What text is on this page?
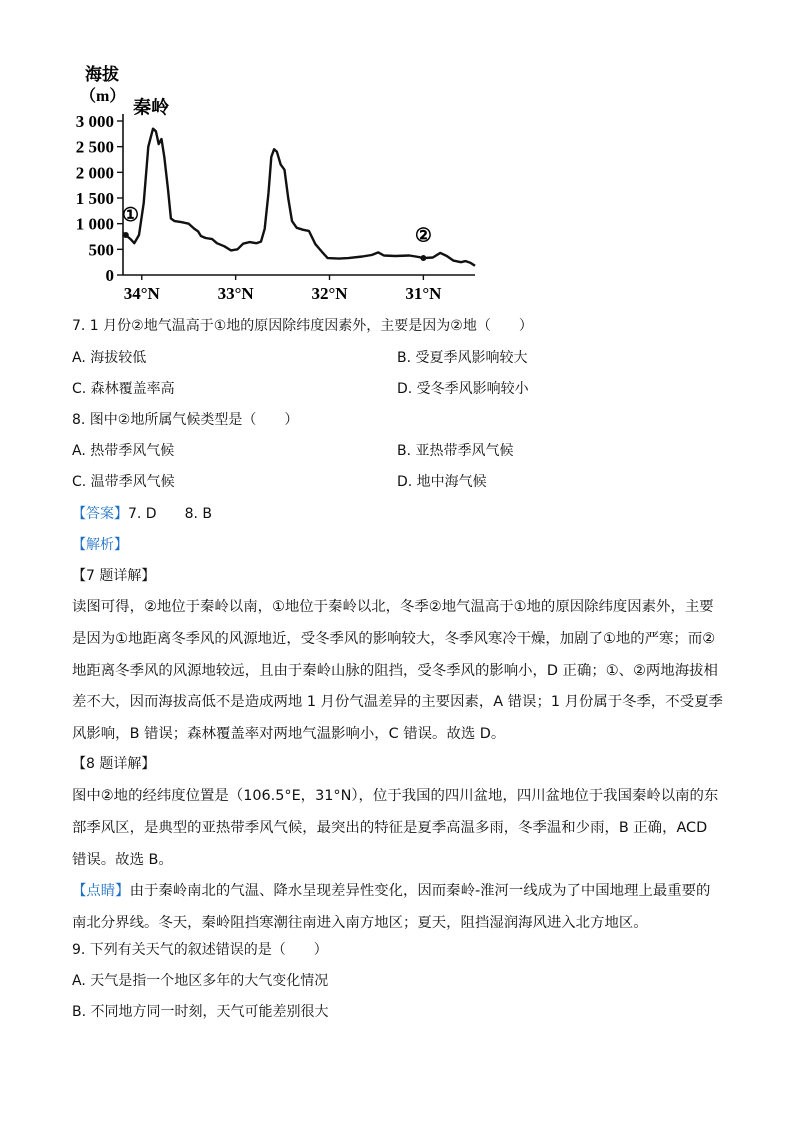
海拔
（m）
3 000
2 500
2 000
1 500
1 000
500
0
34°N	33°N	32°N	31°N
秦岭
①
②
7. 1 月份②地气温高于①地的原因除纬度因素外，主要是因为②地（　　）
A. 海拔较低	B. 受夏季风影响较大
C. 森林覆盖率高	D. 受冬季风影响较小
8. 图中②地所属气候类型是（　　）
A. 热带季风气候	B. 亚热带季风气候
C. 温带季风气候	D. 地中海气候
【答案】7. D　　8. B
【解析】
【7 题详解】
读图可得，②地位于秦岭以南，①地位于秦岭以北，冬季②地气温高于①地的原因除纬度因素外，主要是因为①地距离冬季风的风源地近，受冬季风的影响较大，冬季风寒冷干燥，加剧了①地的严寒；而②地距离冬季风的风源地较远，且由于秦岭山脉的阻挡，受冬季风的影响小，D 正确；①、②两地海拔相差不大，因而海拔高低不是造成两地 1 月份气温差异的主要因素，A 错误；1 月份属于冬季，不受夏季风影响，B 错误；森林覆盖率对两地气温影响小，C 错误。故选 D。
【8 题详解】
图中②地的经纬度位置是（106.5°E，31°N），位于我国的四川盆地，四川盆地位于我国秦岭以南的东部季风区，是典型的亚热带季风气候，最突出的特征是夏季高温多雨，冬季温和少雨，B 正确，ACD 错误。故选 B。
【点睛】由于秦岭南北的气温、降水呈现差异性变化，因而秦岭-淮河一线成为了中国地理上最重要的南北分界线。冬天，秦岭阻挡寒潮往南进入南方地区；夏天，阻挡湿润海风进入北方地区。
9. 下列有关天气的叙述错误的是（　　）
A. 天气是指一个地区多年的大气变化情况
B. 不同地方同一时刻，天气可能差别很大
